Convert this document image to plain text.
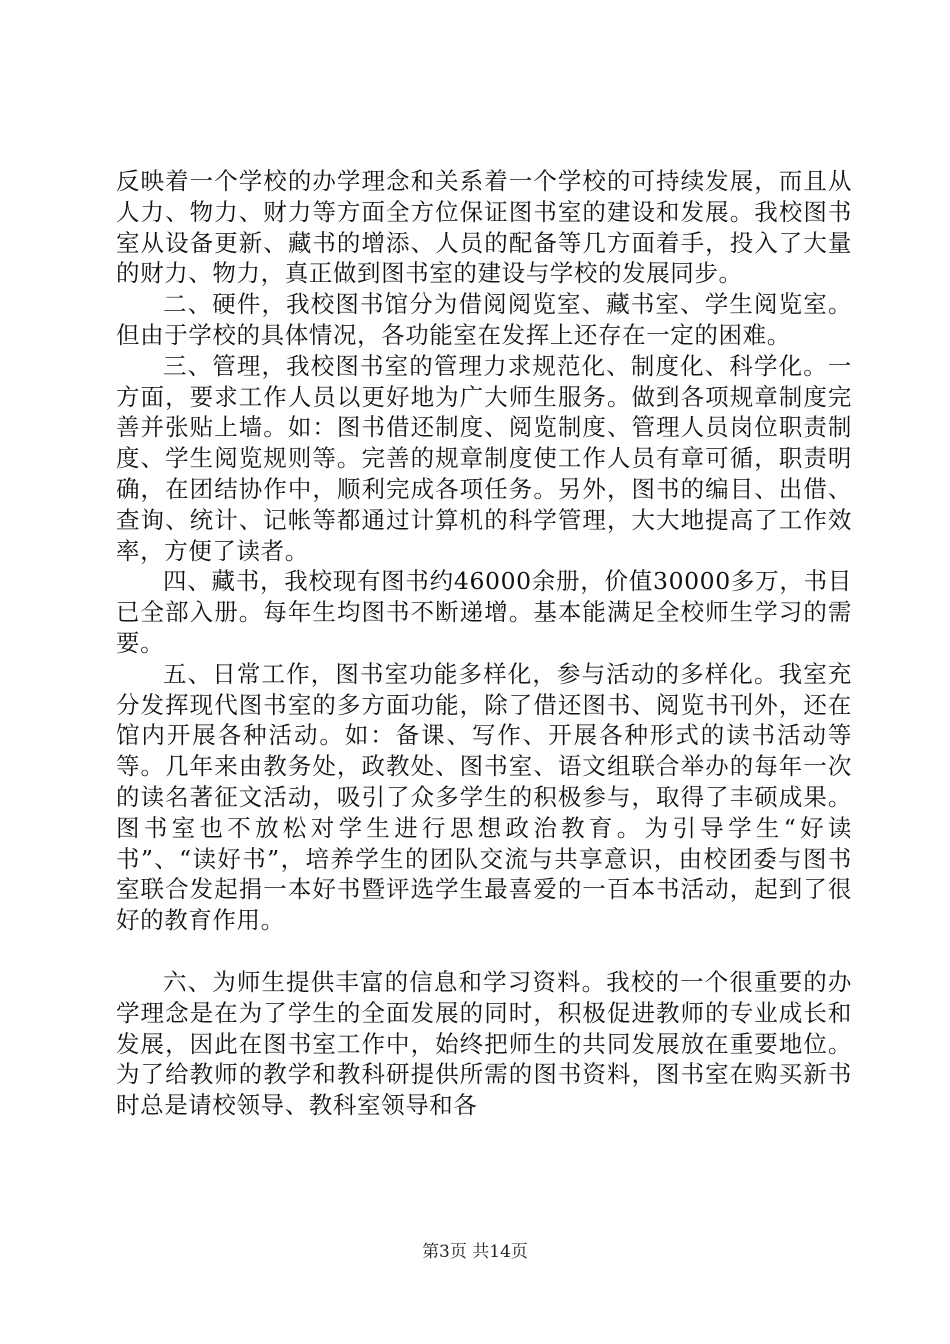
反映着一个学校的办学理念和关系着一个学校的可持续发展，而且从人力、物力、财力等方面全方位保证图书室的建设和发展。我校图书室从设备更新、藏书的增添、人员的配备等几方面着手，投入了大量的财力、物力，真正做到图书室的建设与学校的发展同步。

二、硬件，我校图书馆分为借阅阅览室、藏书室、学生阅览室。但由于学校的具体情况，各功能室在发挥上还存在一定的困难。

三、管理，我校图书室的管理力求规范化、制度化、科学化。一方面，要求工作人员以更好地为广大师生服务。做到各项规章制度完善并张贴上墙。如：图书借还制度、阅览制度、管理人员岗位职责制度、学生阅览规则等。完善的规章制度使工作人员有章可循，职责明确，在团结协作中，顺利完成各项任务。另外，图书的编目、出借、查询、统计、记帐等都通过计算机的科学管理，大大地提高了工作效率，方便了读者。

四、藏书，我校现有图书约46000余册，价值30000多万，书目已全部入册。每年生均图书不断递增。基本能满足全校师生学习的需要。

五、日常工作，图书室功能多样化，参与活动的多样化。我室充分发挥现代图书室的多方面功能，除了借还图书、阅览书刊外，还在馆内开展各种活动。如：备课、写作、开展各种形式的读书活动等等。几年来由教务处，政教处、图书室、语文组联合举办的每年一次的读名著征文活动，吸引了众多学生的积极参与，取得了丰硕成果。图书室也不放松对学生进行思想政治教育。为引导学生“好读书”、“读好书”，培养学生的团队交流与共享意识，由校团委与图书室联合发起捐一本好书暨评选学生最喜爱的一百本书活动，起到了很好的教育作用。

六、为师生提供丰富的信息和学习资料。我校的一个很重要的办学理念是在为了学生的全面发展的同时，积极促进教师的专业成长和发展，因此在图书室工作中，始终把师生的共同发展放在重要地位。为了给教师的教学和教科研提供所需的图书资料，图书室在购买新书时总是请校领导、教科室领导和各

第3页 共14页
